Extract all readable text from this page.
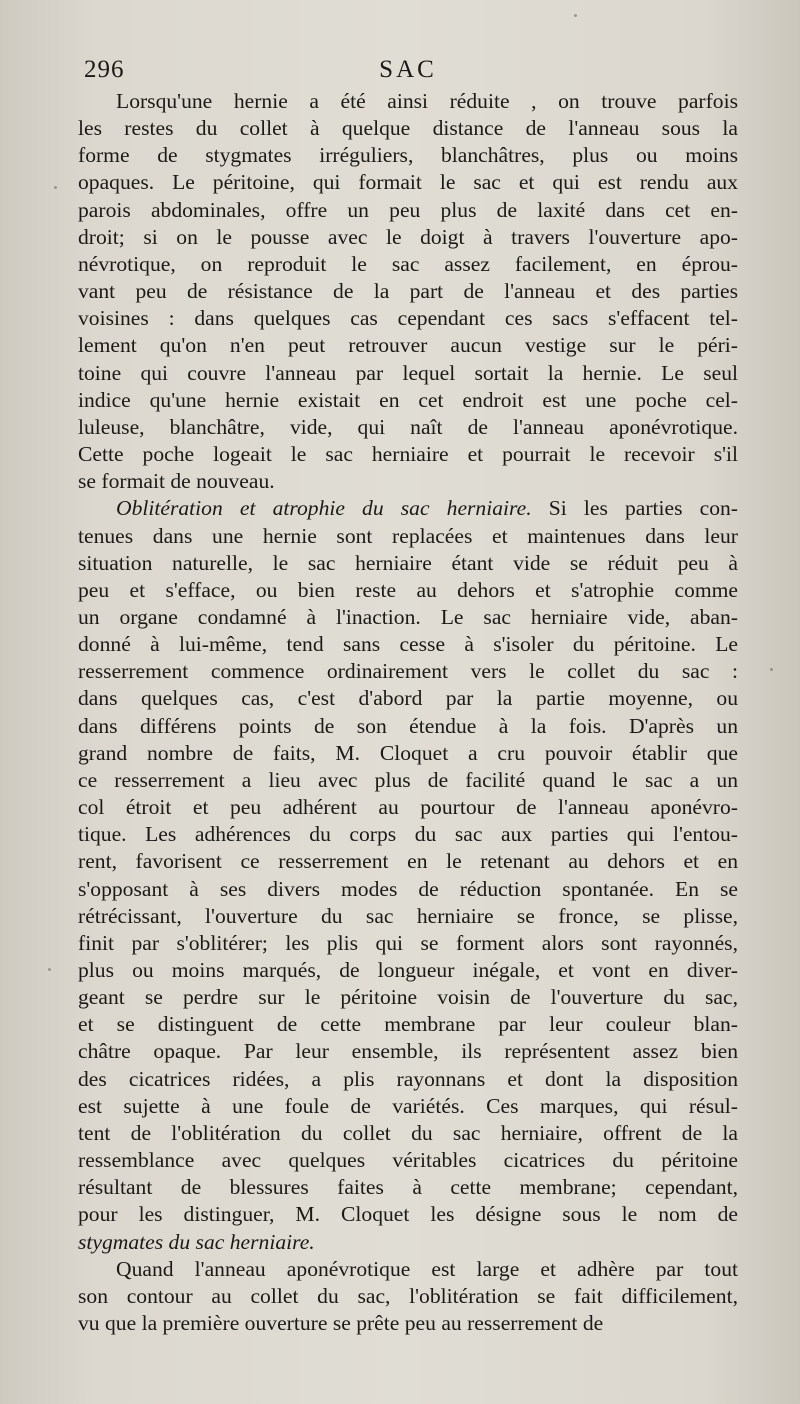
296	SAC
Lorsqu'une hernie a été ainsi réduite , on trouve parfois
les restes du collet à quelque distance de l'anneau sous la
forme de stygmates irréguliers, blanchâtres, plus ou moins
opaques. Le péritoine, qui formait le sac et qui est rendu aux
parois abdominales, offre un peu plus de laxité dans cet en-
droit; si on le pousse avec le doigt à travers l'ouverture apo-
névrotique, on reproduit le sac assez facilement, en éprou-
vant peu de résistance de la part de l'anneau et des parties
voisines : dans quelques cas cependant ces sacs s'effacent tel-
lement qu'on n'en peut retrouver aucun vestige sur le péri-
toine qui couvre l'anneau par lequel sortait la hernie. Le seul
indice qu'une hernie existait en cet endroit est une poche cel-
luleuse, blanchâtre, vide, qui naît de l'anneau aponévrotique.
Cette poche logeait le sac herniaire et pourrait le recevoir s'il
se formait de nouveau.
Oblitération et atrophie du sac herniaire. Si les parties con-
tenues dans une hernie sont replacées et maintenues dans leur
situation naturelle, le sac herniaire étant vide se réduit peu à
peu et s'efface, ou bien reste au dehors et s'atrophie comme
un organe condamné à l'inaction. Le sac herniaire vide, aban-
donné à lui-même, tend sans cesse à s'isoler du péritoine. Le
resserrement commence ordinairement vers le collet du sac :
dans quelques cas, c'est d'abord par la partie moyenne, ou
dans différens points de son étendue à la fois. D'après un
grand nombre de faits, M. Cloquet a cru pouvoir établir que
ce resserrement a lieu avec plus de facilité quand le sac a un
col étroit et peu adhérent au pourtour de l'anneau aponévro-
tique. Les adhérences du corps du sac aux parties qui l'entou-
rent, favorisent ce resserrement en le retenant au dehors et en
s'opposant à ses divers modes de réduction spontanée. En se
rétrécissant, l'ouverture du sac herniaire se fronce, se plisse,
finit par s'oblitérer; les plis qui se forment alors sont rayonnés,
plus ou moins marqués, de longueur inégale, et vont en diver-
geant se perdre sur le péritoine voisin de l'ouverture du sac,
et se distinguent de cette membrane par leur couleur blan-
châtre opaque. Par leur ensemble, ils représentent assez bien
des cicatrices ridées, a plis rayonnans et dont la disposition
est sujette à une foule de variétés. Ces marques, qui résul-
tent de l'oblitération du collet du sac herniaire, offrent de la
ressemblance avec quelques véritables cicatrices du péritoine
résultant de blessures faites à cette membrane; cependant,
pour les distinguer, M. Cloquet les désigne sous le nom de
stygmates du sac herniaire.
Quand l'anneau aponévrotique est large et adhère par tout
son contour au collet du sac, l'oblitération se fait difficilement,
vu que la première ouverture se prête peu au resserrement de
